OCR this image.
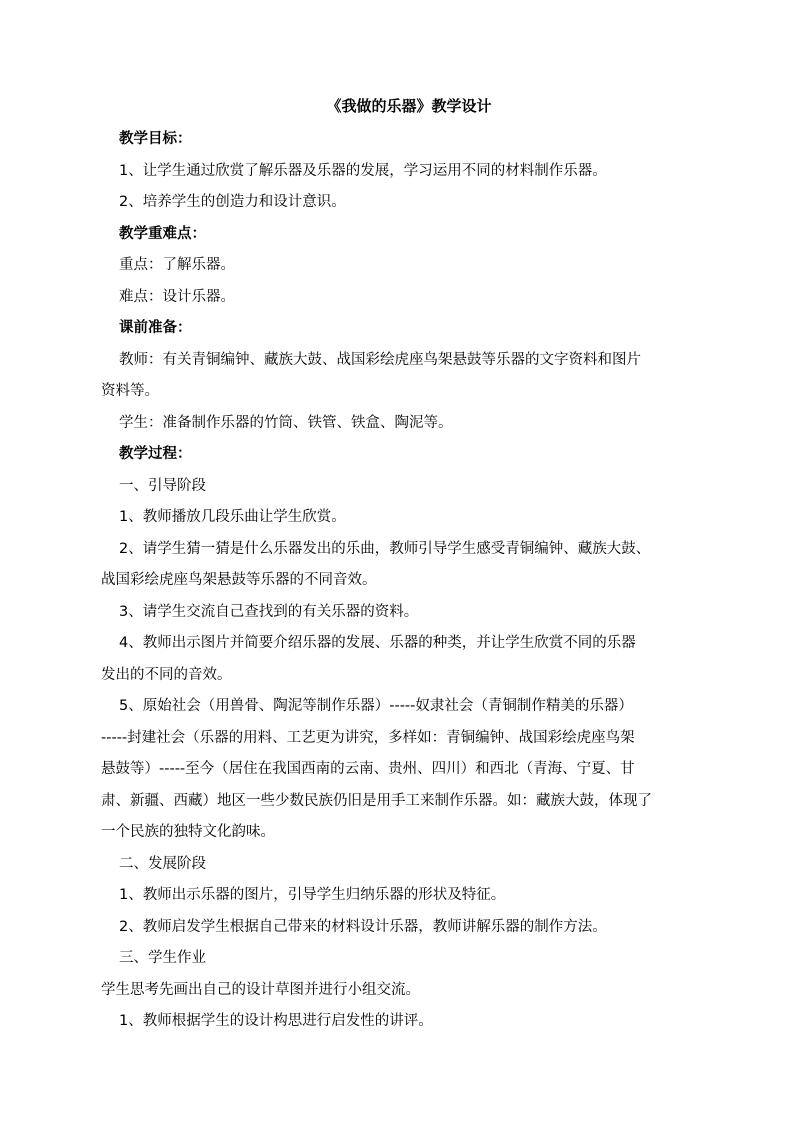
《我做的乐器》教学设计
教学目标：
1、让学生通过欣赏了解乐器及乐器的发展，学习运用不同的材料制作乐器。
2、培养学生的创造力和设计意识。
教学重难点：
重点：了解乐器。
难点：设计乐器。
课前准备：
教师：有关青铜编钟、藏族大鼓、战国彩绘虎座鸟架悬鼓等乐器的文字资料和图片
资料等。
学生：准备制作乐器的竹筒、铁管、铁盒、陶泥等。
教学过程：
一、引导阶段
1、教师播放几段乐曲让学生欣赏。
2、请学生猜一猜是什么乐器发出的乐曲，教师引导学生感受青铜编钟、藏族大鼓、
战国彩绘虎座鸟架悬鼓等乐器的不同音效。
3、请学生交流自己查找到的有关乐器的资料。
4、教师出示图片并简要介绍乐器的发展、乐器的种类，并让学生欣赏不同的乐器
发出的不同的音效。
5、原始社会（用兽骨、陶泥等制作乐器）-----奴隶社会（青铜制作精美的乐器）
-----封建社会（乐器的用料、工艺更为讲究，多样如：青铜编钟、战国彩绘虎座鸟架
悬鼓等）-----至今（居住在我国西南的云南、贵州、四川）和西北（青海、宁夏、甘
肃、新疆、西藏）地区一些少数民族仍旧是用手工来制作乐器。如：藏族大鼓，体现了
一个民族的独特文化韵味。
二、发展阶段
1、教师出示乐器的图片，引导学生归纳乐器的形状及特征。
2、教师启发学生根据自己带来的材料设计乐器，教师讲解乐器的制作方法。
三、学生作业
学生思考先画出自己的设计草图并进行小组交流。
1、教师根据学生的设计构思进行启发性的讲评。
